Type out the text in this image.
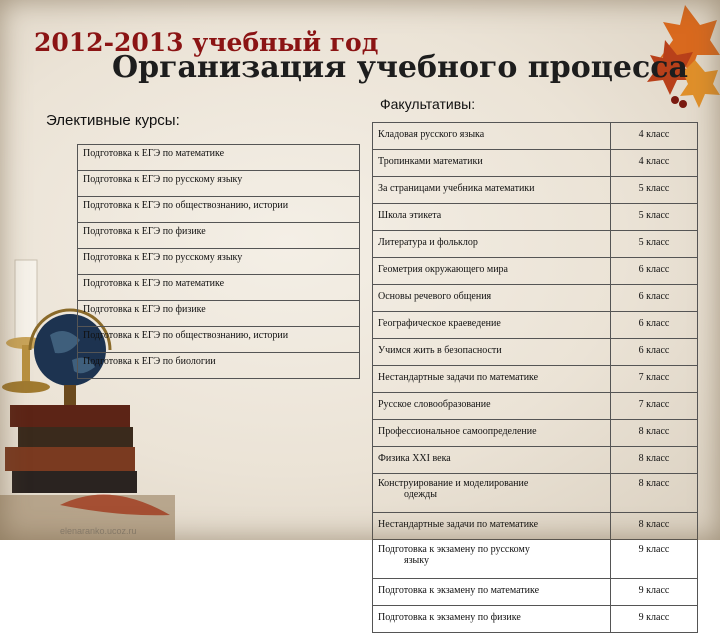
2012-2013 учебный год
Организация учебного процесса
Элективные курсы:
Факультативы:
Подготовка к ЕГЭ по математике
Подготовка к ЕГЭ по русскому языку
Подготовка к ЕГЭ по обществознанию, истории
Подготовка к ЕГЭ по физике
Подготовка к ЕГЭ по русскому языку
Подготовка к ЕГЭ по математике
Подготовка к ЕГЭ по физике
Подготовка к ЕГЭ по обществознанию, истории
Подготовка к ЕГЭ по биологии
Кладовая русского языка	4 класс
Тропинками математики	4 класс
За страницами учебника математики	5 класс
Школа этикета	5 класс
Литература и фольклор	5 класс
Геометрия окружающего мира	6 класс
Основы речевого общения	6 класс
Географическое краеведение	6 класс
Учимся жить в безопасности	6 класс
Нестандартные задачи по математике	7 класс
Русское словообразование	7 класс
Профессиональное самоопределение	8 класс
Физика XXI века	8 класс
Конструирование и моделирование
одежды	8 класс
Нестандартные задачи по математике	8 класс
Подготовка к экзамену по русскому
языку	9 класс
Подготовка к экзамену по математике	9 класс
Подготовка к экзамену по физике	9 класс
elenaranko.ucoz.ru
